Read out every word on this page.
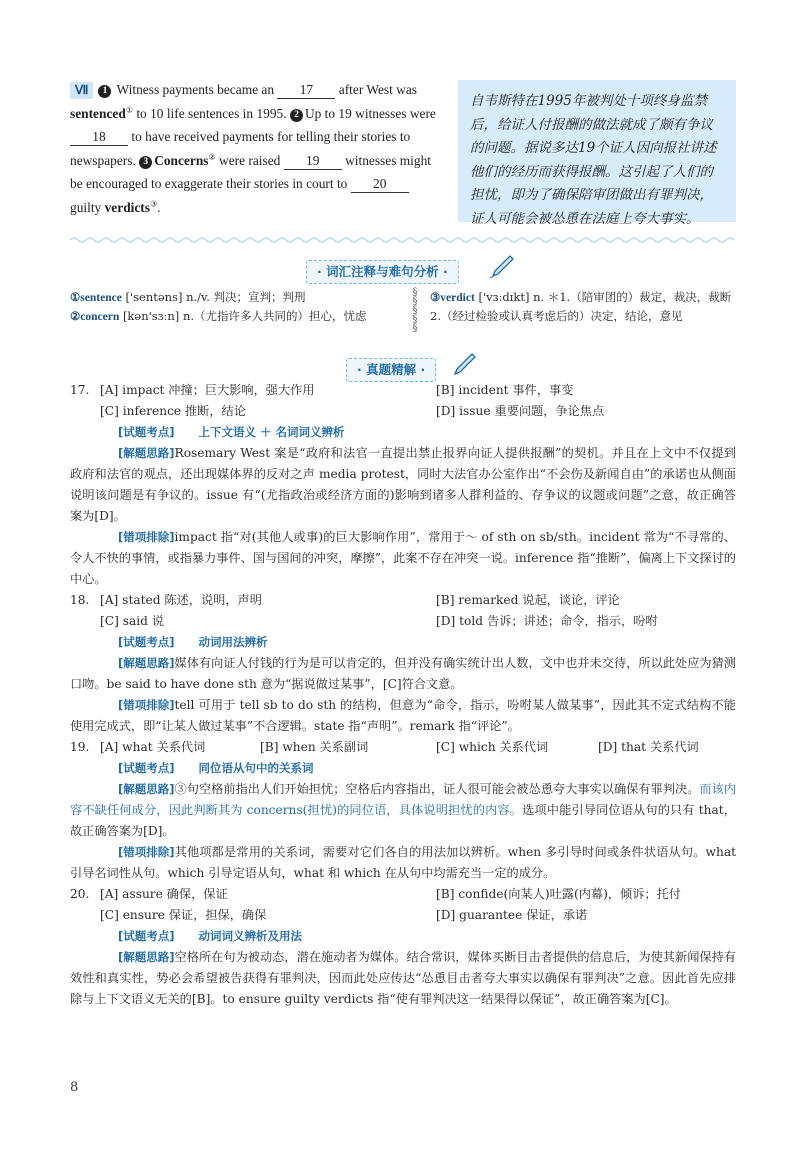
Ⅶ 1 Witness payments became an 17 after West was sentenced① to 10 life sentences in 1995. 2 Up to 19 witnesses were 18 to have received payments for telling their stories to newspapers. 3 Concerns② were raised 19 witnesses might be encouraged to exaggerate their stories in court to 20 guilty verdicts③.
自韦斯特在1995年被判处十项终身监禁后，给证人付报酬的做法就成了颇有争议的问题。据说多达19个证人因向报社讲述他们的经历而获得报酬。这引起了人们的担忧，即为了确保陪审团做出有罪判决，证人可能会被怂恿在法庭上夸大事实。
· 词汇注释与难句分析 ·
①sentence ['sentəns] n./v. 判决；宣判；判刑
②concern [kən'sɜːn] n.（尤指许多人共同的）担心，忧虑
§
§
§
§
§
③verdict ['vɜːdɪkt] n. ＊1.（陪审团的）裁定，裁决，裁断 2.（经过检验或认真考虑后的）决定，结论，意见
· 真题精解 ·
17. [A] impact 冲撞；巨大影响，强大作用	[B] incident 事件，事变
[C] inference 推断，结论	[D] issue 重要问题，争论焦点

[试题考点] 上下文语义 ＋ 名词词义辨析

[解题思路]Rosemary West 案是“政府和法官一直提出禁止报界向证人提供报酬”的契机。并且在上文中不仅提到政府和法官的观点，还出现媒体界的反对之声 media protest，同时大法官办公室作出“不会伤及新闻自由”的承诺也从侧面说明该问题是有争议的。issue 有“(尤指政治或经济方面的)影响到诸多人群利益的、存争议的议题或问题”之意，故正确答案为[D]。

[错项排除]impact 指“对(其他人或事)的巨大影响作用”，常用于～ of sth on sb/sth。incident 常为“不寻常的、令人不快的事情，或指暴力事件、国与国间的冲突，摩擦”，此案不存在冲突一说。inference 指“推断”，偏离上下文探讨的中心。

18. [A] stated 陈述，说明，声明	[B] remarked 说起，谈论，评论
[C] said 说	[D] told 告诉；讲述；命令，指示，吩咐

[试题考点] 动词用法辨析

[解题思路]媒体有向证人付钱的行为是可以肯定的，但并没有确实统计出人数，文中也并未交待，所以此处应为猜测口吻。be said to have done sth 意为“据说做过某事”，[C]符合文意。

[错项排除]tell 可用于 tell sb to do sth 的结构，但意为“命令，指示，吩咐某人做某事”，因此其不定式结构不能使用完成式，即“让某人做过某事”不合逻辑。state 指“声明”。remark 指“评论”。

19. [A] what 关系代词	[B] when 关系副词	[C] which 关系代词	[D] that 关系代词

[试题考点] 同位语从句中的关系词

[解题思路]③句空格前指出人们开始担忧；空格后内容指出，证人很可能会被怂恿夸大事实以确保有罪判决。而该内容不缺任何成分，因此判断其为 concerns(担忧)的同位语，具体说明担忧的内容。选项中能引导同位语从句的只有 that，故正确答案为[D]。

[错项排除]其他项都是常用的关系词，需要对它们各自的用法加以辨析。when 多引导时间或条件状语从句。what 引导名词性从句。which 引导定语从句，what 和 which 在从句中均需充当一定的成分。

20. [A] assure 确保，保证	[B] confide(向某人)吐露(内幕)，倾诉；托付
[C] ensure 保证，担保，确保	[D] guarantee 保证，承诺

[试题考点] 动词词义辨析及用法

[解题思路]空格所在句为被动态，潜在施动者为媒体。结合常识，媒体买断目击者提供的信息后，为使其新闻保持有效性和真实性，势必会希望被告获得有罪判决，因而此处应传达“怂恿目击者夸大事实以确保有罪判决”之意。因此首先应排除与上下文语义无关的[B]。to ensure guilty verdicts 指“使有罪判决这一结果得以保证”，故正确答案为[C]。

8
